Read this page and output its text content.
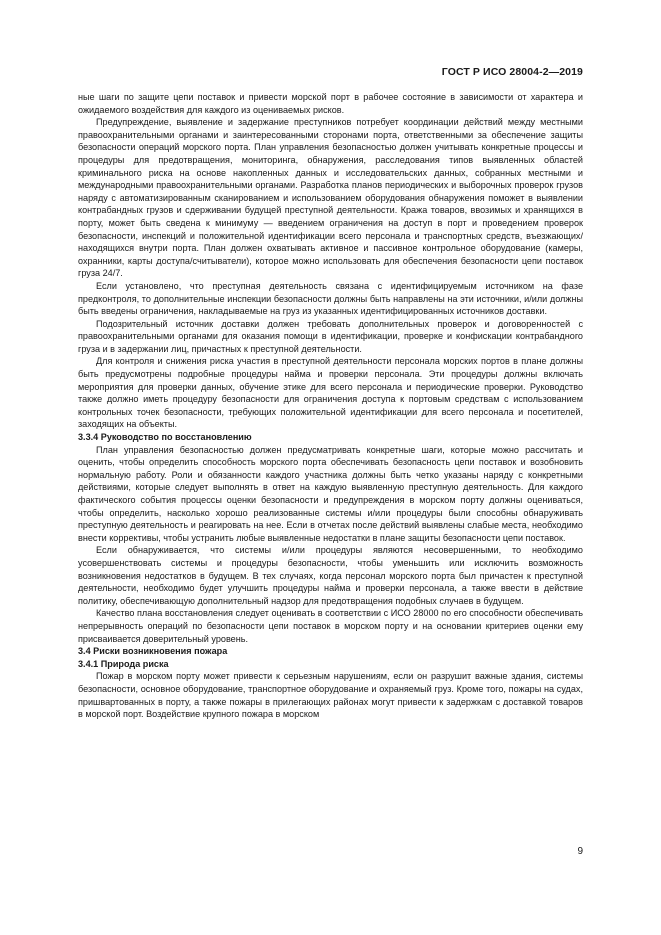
ГОСТ Р ИСО 28004-2—2019

ные шаги по защите цепи поставок и привести морской порт в рабочее состояние в зависимости от характера и ожидаемого воздействия для каждого из оцениваемых рисков.

Предупреждение, выявление и задержание преступников потребует координации действий между местными правоохранительными органами и заинтересованными сторонами порта, ответственными за обеспечение защиты безопасности операций морского порта. План управления безопасностью должен учитывать конкретные процессы и процедуры для предотвращения, мониторинга, обнаружения, расследования типов выявленных областей криминального риска на основе накопленных данных и исследовательских данных, собранных местными и международными правоохранительными органами. Разработка планов периодических и выборочных проверок грузов наряду с автоматизированным сканированием и использованием оборудования обнаружения поможет в выявлении контрабандных грузов и сдерживании будущей преступной деятельности. Кража товаров, ввозимых и хранящихся в порту, может быть сведена к минимуму — введением ограничения на доступ в порт и проведением проверок безопасности, инспекций и положительной идентификации всего персонала и транспортных средств, въезжающих/находящихся внутри порта. План должен охватывать активное и пассивное контрольное оборудование (камеры, охранники, карты доступа/считыватели), которое можно использовать для обеспечения безопасности цепи поставок груза 24/7.

Если установлено, что преступная деятельность связана с идентифицируемым источником на фазе предконтроля, то дополнительные инспекции безопасности должны быть направлены на эти источники, и/или должны быть введены ограничения, накладываемые на груз из указанных идентифицированных источников доставки.

Подозрительный источник доставки должен требовать дополнительных проверок и договоренностей с правоохранительными органами для оказания помощи в идентификации, проверке и конфискации контрабандного груза и в задержании лиц, причастных к преступной деятельности.

Для контроля и снижения риска участия в преступной деятельности персонала морских портов в плане должны быть предусмотрены подробные процедуры найма и проверки персонала. Эти процедуры должны включать мероприятия для проверки данных, обучение этике для всего персонала и периодические проверки. Руководство также должно иметь процедуру безопасности для ограничения доступа к портовым средствам с использованием контрольных точек безопасности, требующих положительной идентификации для всего персонала и посетителей, заходящих на объекты.

3.3.4 Руководство по восстановлению

План управления безопасностью должен предусматривать конкретные шаги, которые можно рассчитать и оценить, чтобы определить способность морского порта обеспечивать безопасность цепи поставок и возобновить нормальную работу. Роли и обязанности каждого участника должны быть четко указаны наряду с конкретными действиями, которые следует выполнять в ответ на каждую выявленную преступную деятельность. Для каждого фактического события процессы оценки безопасности и предупреждения в морском порту должны оцениваться, чтобы определить, насколько хорошо реализованные системы и/или процедуры были способны обнаруживать преступную деятельность и реагировать на нее. Если в отчетах после действий выявлены слабые места, необходимо внести коррективы, чтобы устранить любые выявленные недостатки в плане защиты безопасности цепи поставок.

Если обнаруживается, что системы и/или процедуры являются несовершенными, то необходимо усовершенствовать системы и процедуры безопасности, чтобы уменьшить или исключить возможность возникновения недостатков в будущем. В тех случаях, когда персонал морского порта был причастен к преступной деятельности, необходимо будет улучшить процедуры найма и проверки персонала, а также ввести в действие политику, обеспечивающую дополнительный надзор для предотвращения подобных случаев в будущем.

Качество плана восстановления следует оценивать в соответствии с ИСО 28000 по его способности обеспечивать непрерывность операций по безопасности цепи поставок в морском порту и на основании критериев оценки ему присваивается доверительный уровень.

3.4 Риски возникновения пожара

3.4.1 Природа риска

Пожар в морском порту может привести к серьезным нарушениям, если он разрушит важные здания, системы безопасности, основное оборудование, транспортное оборудование и охраняемый груз. Кроме того, пожары на судах, пришвартованных в порту, а также пожары в прилегающих районах могут привести к задержкам с доставкой товаров в морской порт. Воздействие крупного пожара в морском

9
